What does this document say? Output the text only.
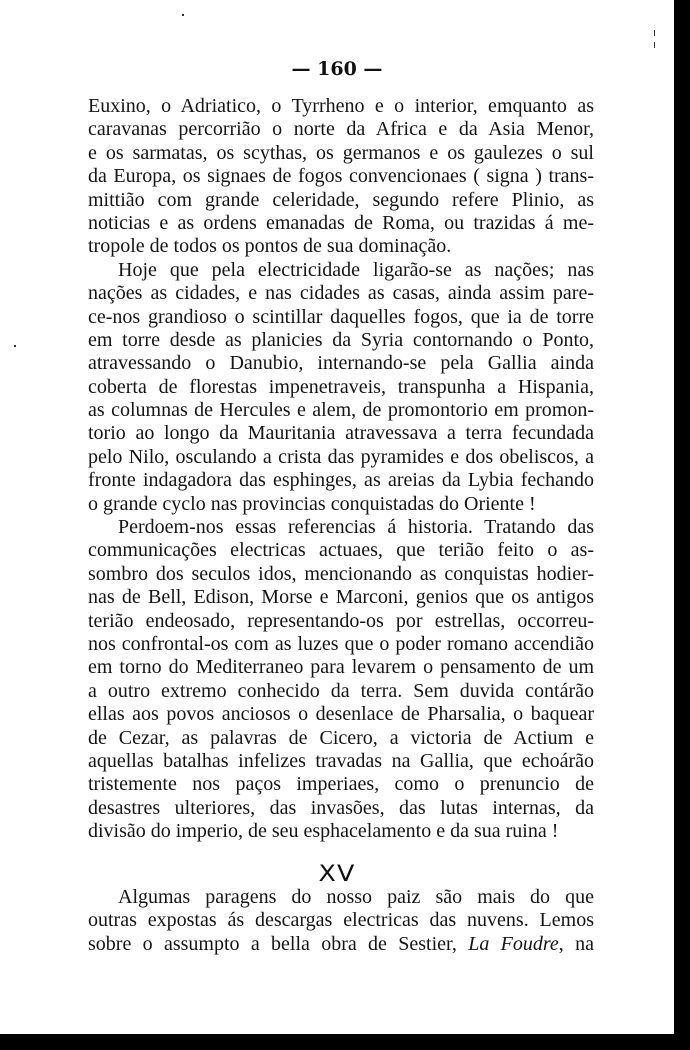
— 160 —
Euxino, o Adriatico, o Tyrrheno e o interior, emquanto as
caravanas percorrião o norte da Africa e da Asia Menor,
e os sarmatas, os scythas, os germanos e os gaulezes o sul
da Europa, os signaes de fogos convencionaes ( signa ) trans-
mittião com grande celeridade, segundo refere Plinio, as
noticias e as ordens emanadas de Roma, ou trazidas á me-
tropole de todos os pontos de sua dominação.
Hoje que pela electricidade ligarão-se as nações; nas
nações as cidades, e nas cidades as casas, ainda assim pare-
ce-nos grandioso o scintillar daquelles fogos, que ia de torre
em torre desde as planicies da Syria contornando o Ponto,
atravessando o Danubio, internando-se pela Gallia ainda
coberta de florestas impenetraveis, transpunha a Hispania,
as columnas de Hercules e alem, de promontorio em promon-
torio ao longo da Mauritania atravessava a terra fecundada
pelo Nilo, osculando a crista das pyramides e dos obeliscos, a
fronte indagadora das esphinges, as areias da Lybia fechando
o grande cyclo nas provincias conquistadas do Oriente !
Perdoem-nos essas referencias á historia. Tratando das
communicações electricas actuaes, que terião feito o as-
sombro dos seculos idos, mencionando as conquistas hodier-
nas de Bell, Edison, Morse e Marconi, genios que os antigos
terião endeosado, representando-os por estrellas, occorreu-
nos confrontal-os com as luzes que o poder romano accendião
em torno do Mediterraneo para levarem o pensamento de um
a outro extremo conhecido da terra. Sem duvida contárão
ellas aos povos anciosos o desenlace de Pharsalia, o baquear
de Cezar, as palavras de Cicero, a victoria de Actium e
aquellas batalhas infelizes travadas na Gallia, que echoárão
tristemente nos paços imperiaes, como o prenuncio de
desastres ulteriores, das invasões, das lutas internas, da
divisão do imperio, de seu esphacelamento e da sua ruina !
XV
Algumas paragens do nosso paiz são mais do que
outras expostas ás descargas electricas das nuvens. Lemos
sobre o assumpto a bella obra de Sestier, La Foudre, na
